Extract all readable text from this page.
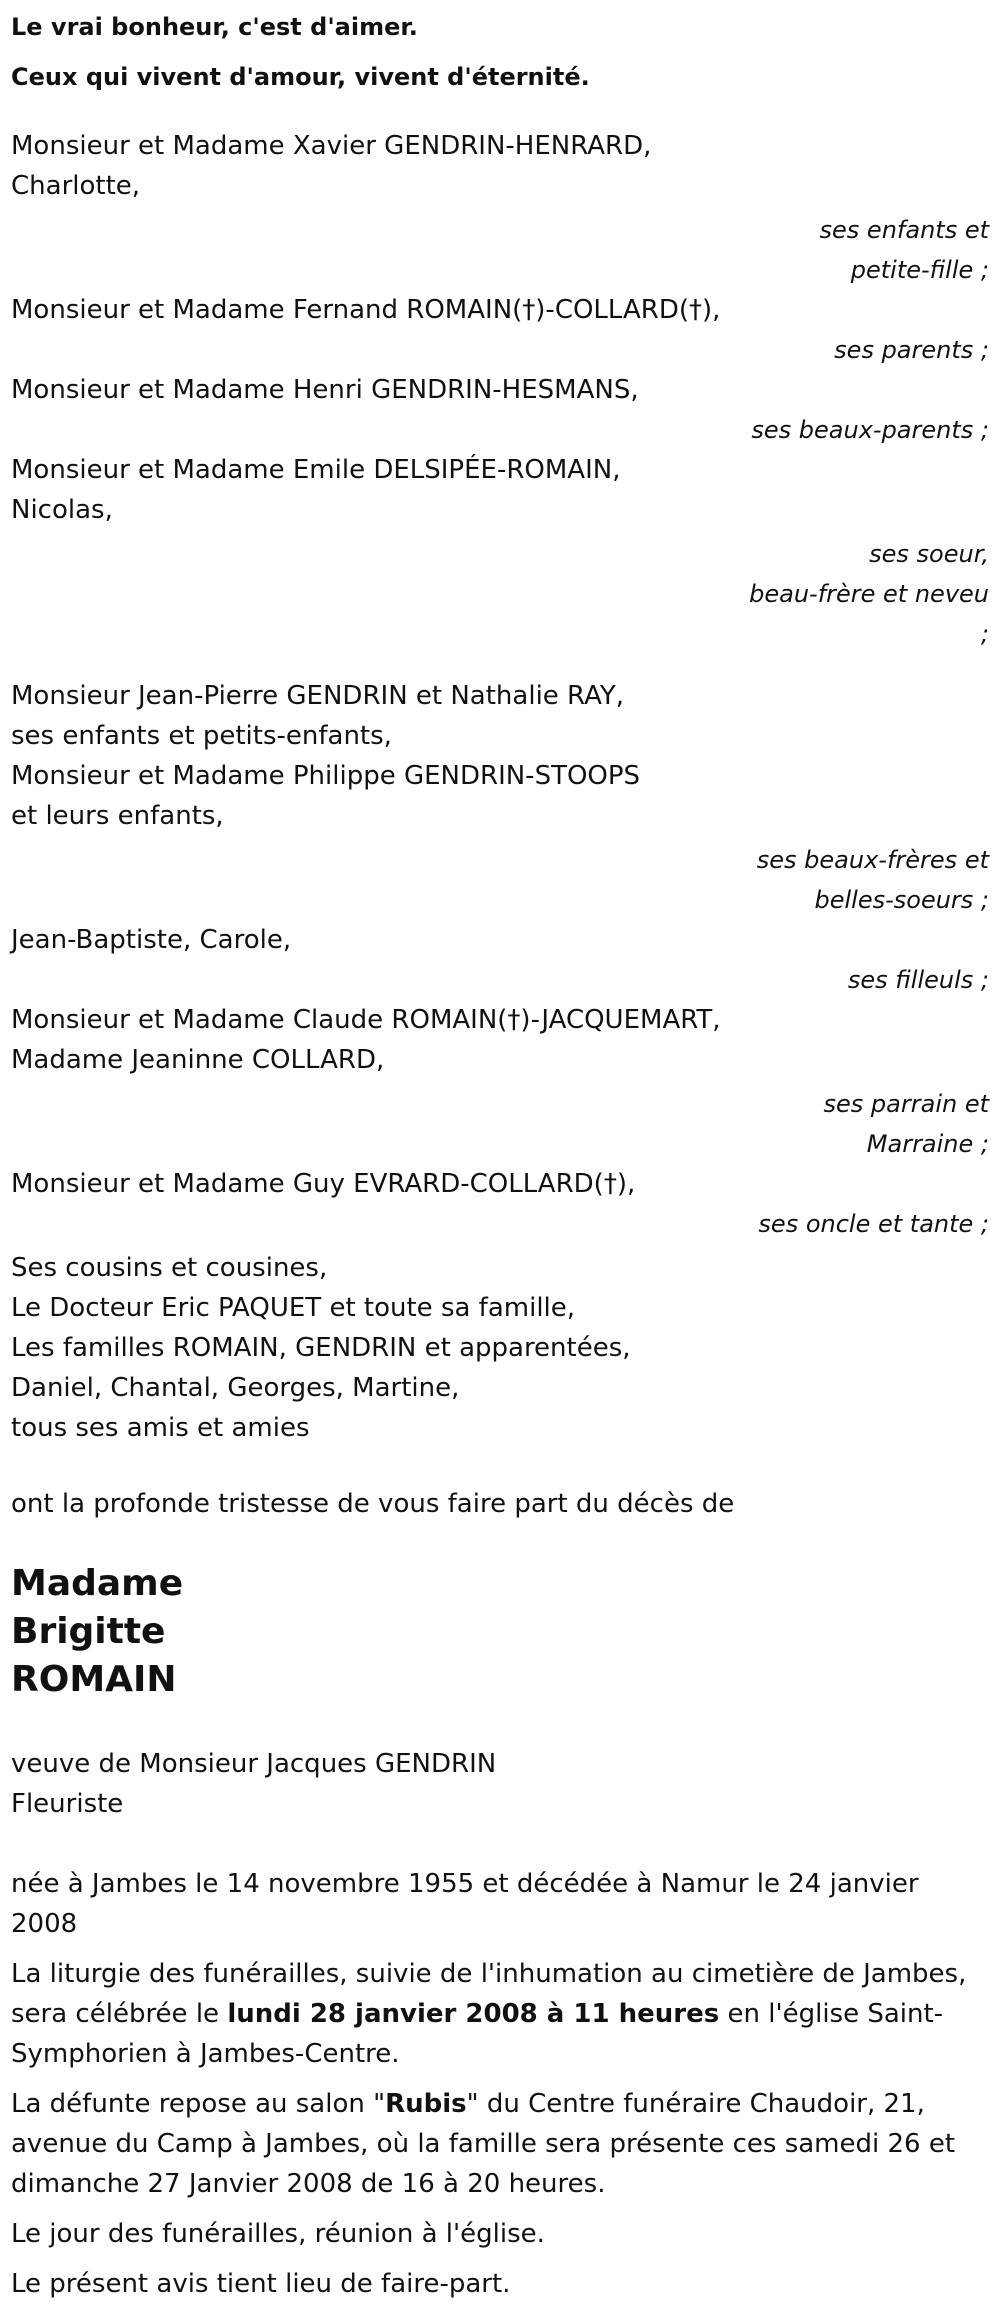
Le vrai bonheur, c'est d'aimer.

Ceux qui vivent d'amour, vivent d'éternité.

Monsieur et Madame Xavier GENDRIN-HENRARD,
Charlotte,
ses enfants et
petite-fille ;
Monsieur et Madame Fernand ROMAIN(†)-COLLARD(†),
ses parents ;
Monsieur et Madame Henri GENDRIN-HESMANS,
ses beaux-parents ;
Monsieur et Madame Emile DELSIPÉE-ROMAIN,
Nicolas,
ses soeur,
beau-frère et neveu
;
Monsieur Jean-Pierre GENDRIN et Nathalie RAY,
ses enfants et petits-enfants,
Monsieur et Madame Philippe GENDRIN-STOOPS
et leurs enfants,
ses beaux-frères et
belles-soeurs ;
Jean-Baptiste, Carole,
ses filleuls ;
Monsieur et Madame Claude ROMAIN(†)-JACQUEMART,
Madame Jeaninne COLLARD,
ses parrain et
Marraine ;
Monsieur et Madame Guy EVRARD-COLLARD(†),
ses oncle et tante ;
Ses cousins et cousines,
Le Docteur Eric PAQUET et toute sa famille,
Les familles ROMAIN, GENDRIN et apparentées,
Daniel, Chantal, Georges, Martine,
tous ses amis et amies
ont la profonde tristesse de vous faire part du décès de
Madame
Brigitte
ROMAIN
veuve de Monsieur Jacques GENDRIN
Fleuriste
née à Jambes le 14 novembre 1955 et décédée à Namur le 24 janvier 2008
La liturgie des funérailles, suivie de l'inhumation au cimetière de Jambes, sera célébrée le lundi 28 janvier 2008 à 11 heures en l'église Saint-Symphorien à Jambes-Centre.
La défunte repose au salon "Rubis" du Centre funéraire Chaudoir, 21, avenue du Camp à Jambes, où la famille sera présente ces samedi 26 et dimanche 27 Janvier 2008 de 16 à 20 heures.
Le jour des funérailles, réunion à l'église.
Le présent avis tient lieu de faire-part.
